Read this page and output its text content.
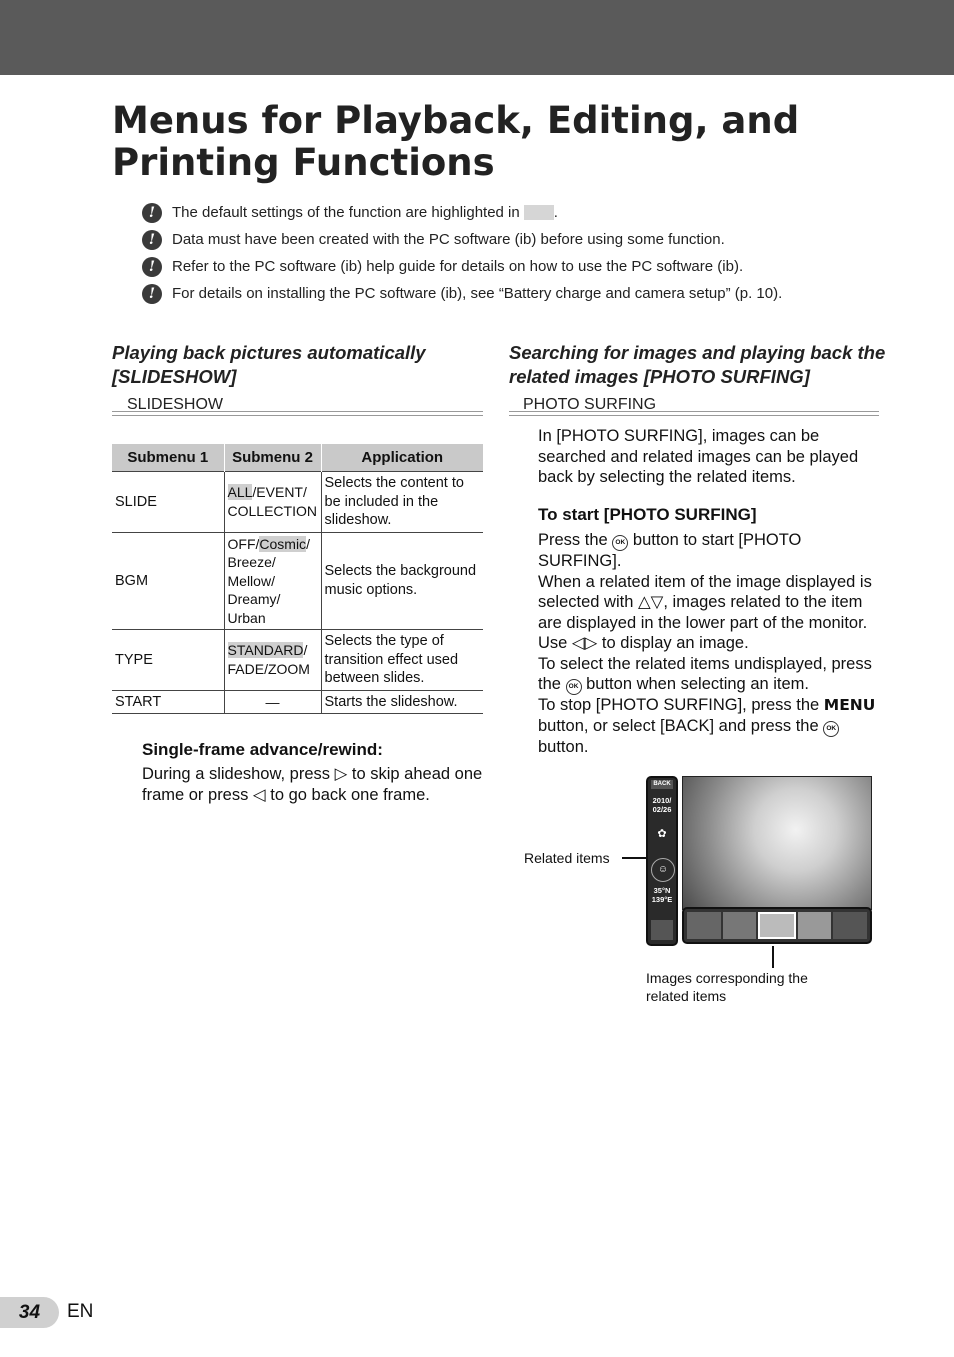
Menus for Playback, Editing, and Printing Functions
!	The default settings of the function are highlighted in .
!	Data must have been created with the PC software (ib) before using some function.
!	Refer to the PC software (ib) help guide for details on how to use the PC software (ib).
!	For details on installing the PC software (ib), see “Battery charge and camera setup” (p. 10).
Playing back pictures automatically [SLIDESHOW]
SLIDESHOW
Submenu 1	Submenu 2	Application
SLIDE	ALL/EVENT/ COLLECTION	Selects the content to be included in the slideshow.
BGM	OFF/Cosmic/ Breeze/ Mellow/ Dreamy/ Urban	Selects the background music options.
TYPE	STANDARD/ FADE/ZOOM	Selects the type of transition effect used between slides.
START	—	Starts the slideshow.
Single-frame advance/rewind:

During a slideshow, press ▷ to skip ahead one frame or press ◁ to go back one frame.

Searching for images and playing back the related images [PHOTO SURFING]
PHOTO SURFING

In [PHOTO SURFING], images can be searched and related images can be played back by selecting the related items.

To start [PHOTO SURFING]

Press the OK button to start [PHOTO SURFING].

When a related item of the image displayed is selected with △▽, images related to the item are displayed in the lower part of the monitor. Use ◁▷ to display an image.

To select the related items undisplayed, press the OK button when selecting an item.

To stop [PHOTO SURFING], press the MENU button, or select [BACK] and press the OK button.

BACK
2010/ 02/26
✿
☺
35°N 139°E
Related items
Images corresponding the related items
34	EN
